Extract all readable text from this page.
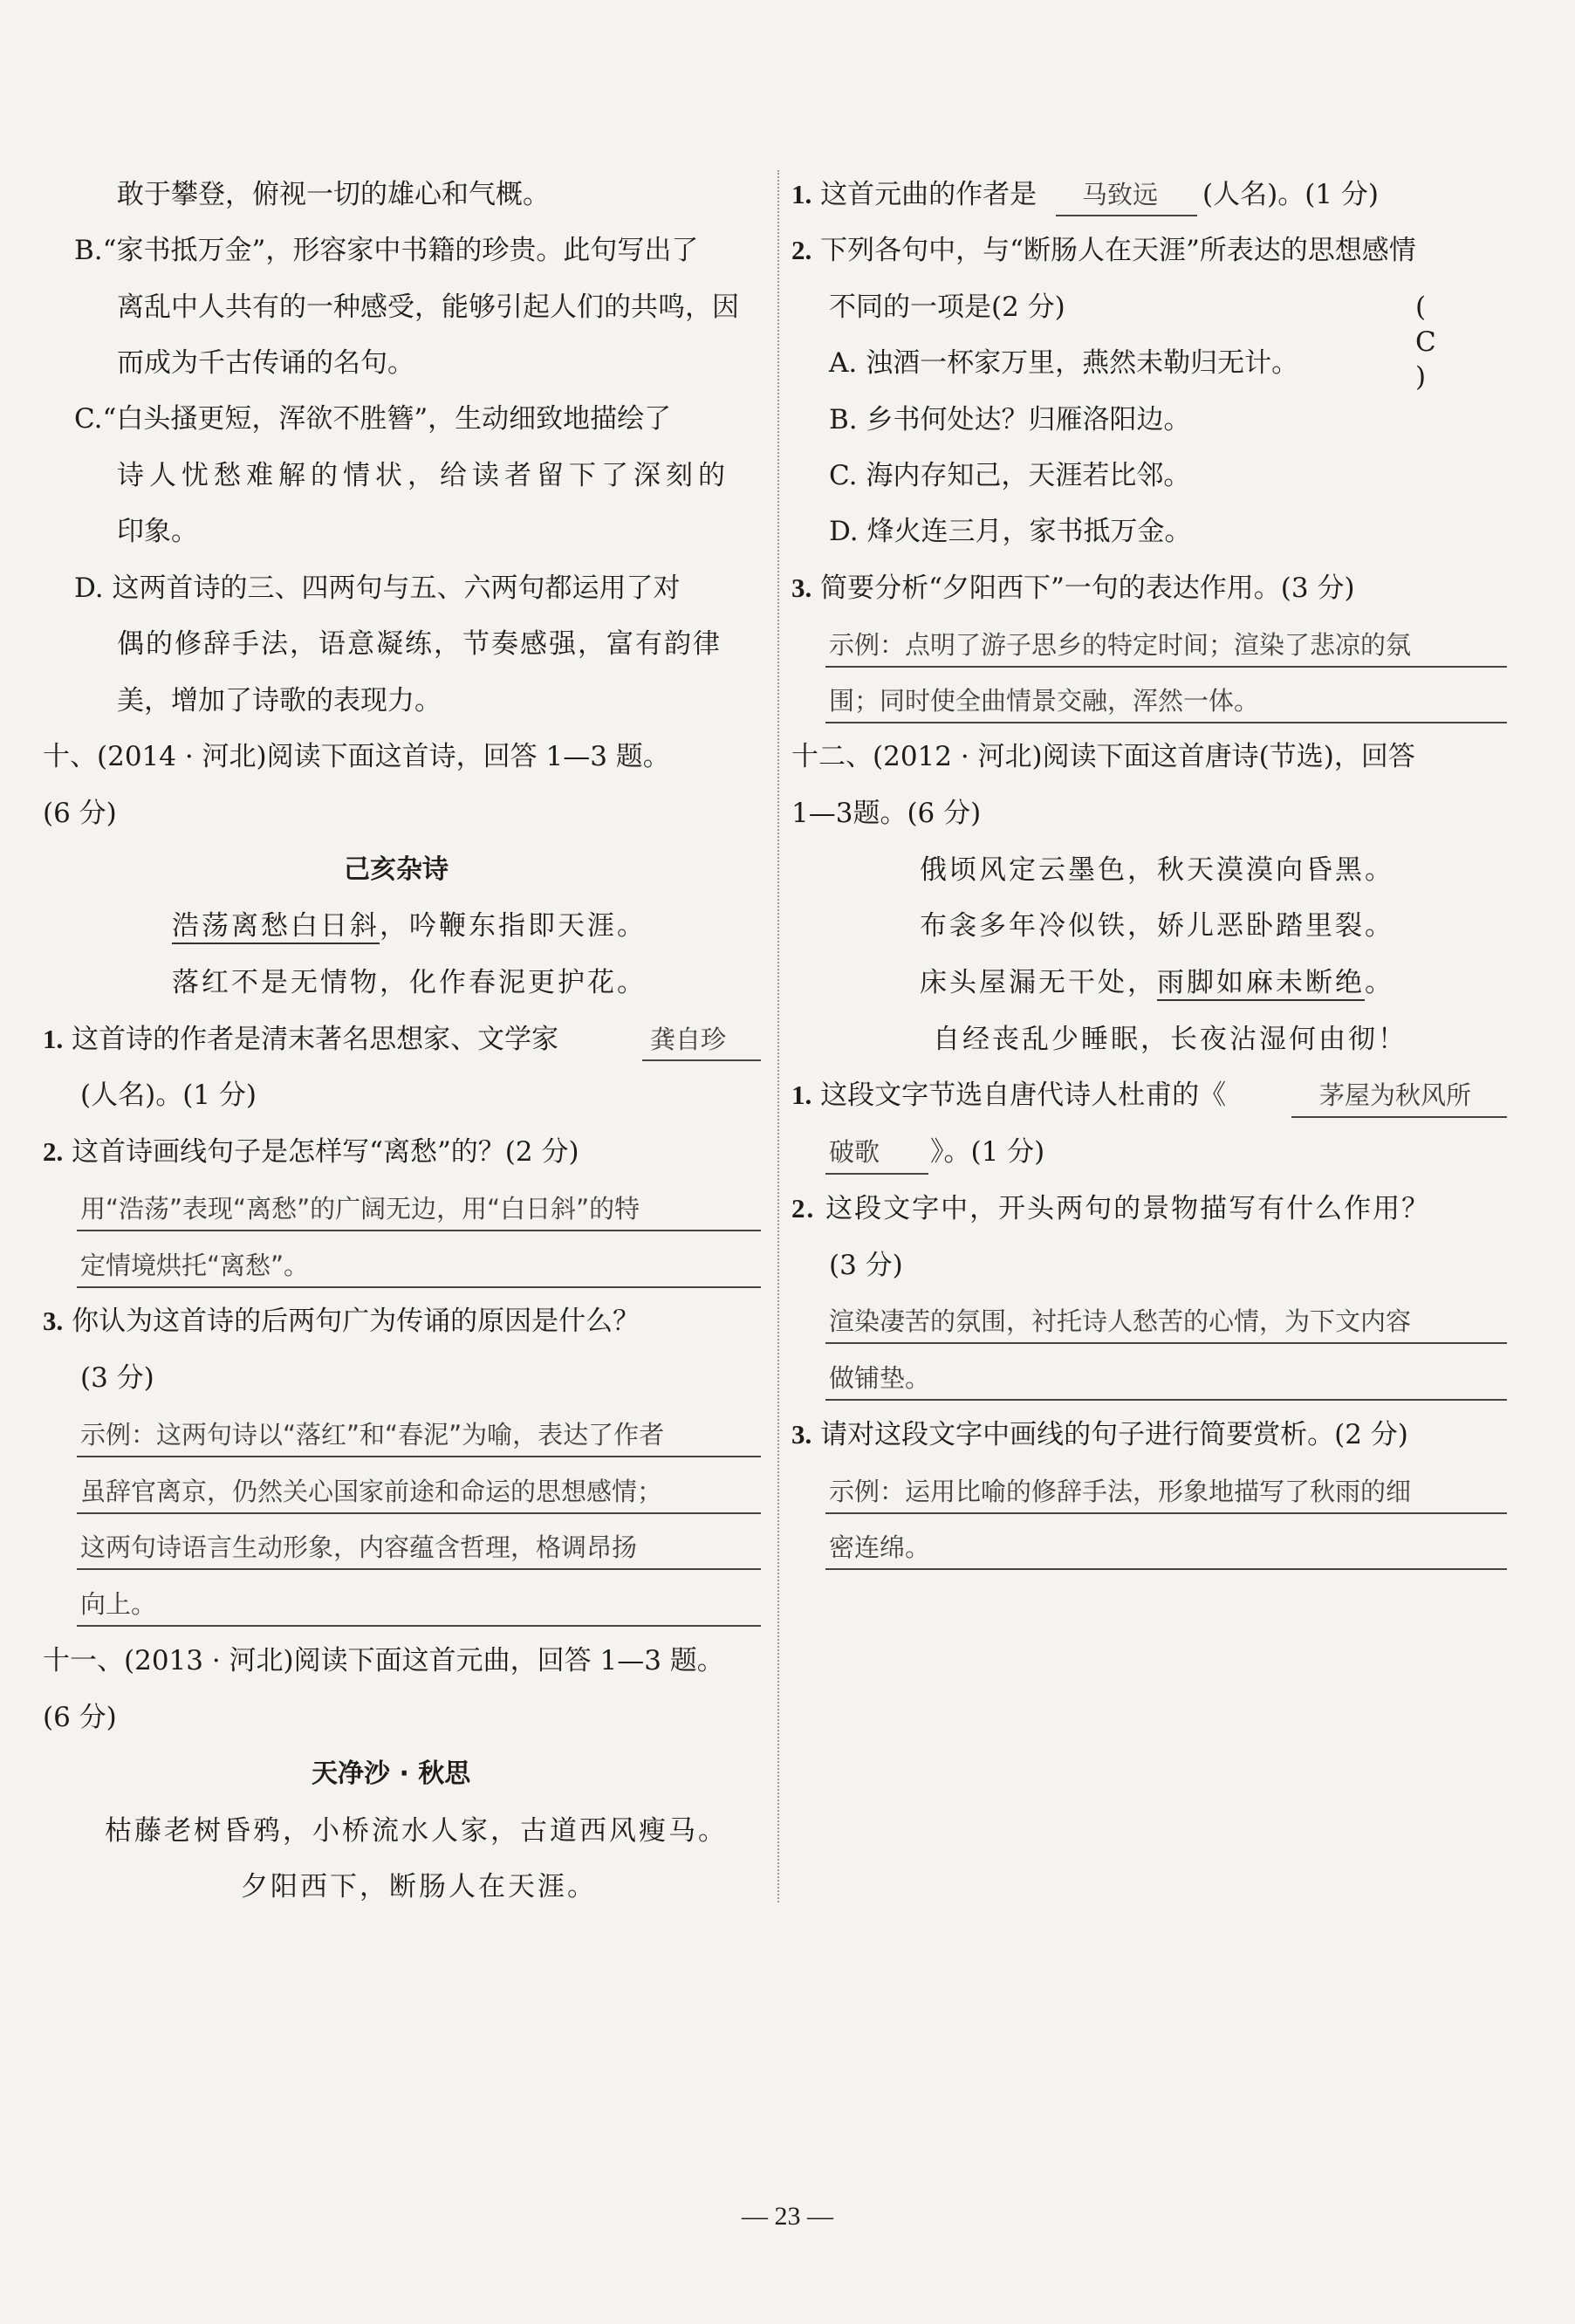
敢于攀登，俯视一切的雄心和气概。
B.“家书抵万金”，形容家中书籍的珍贵。此句写出了
离乱中人共有的一种感受，能够引起人们的共鸣，因
而成为千古传诵的名句。
C.“白头搔更短，浑欲不胜簪”，生动细致地描绘了
诗人忧愁难解的情状，给读者留下了深刻的
印象。
D. 这两首诗的三、四两句与五、六两句都运用了对
偶的修辞手法，语意凝练，节奏感强，富有韵律
美，增加了诗歌的表现力。
十、(2014 · 河北)阅读下面这首诗，回答 1—3 题。
(6 分)
己亥杂诗
浩荡离愁白日斜，吟鞭东指即天涯。
落红不是无情物，化作春泥更护花。
1. 这首诗的作者是清末著名思想家、文学家	龚自珍
(人名)。(1 分)
2. 这首诗画线句子是怎样写“离愁”的？(2 分)
用“浩荡”表现“离愁”的广阔无边，用“白日斜”的特
定情境烘托“离愁”。
3. 你认为这首诗的后两句广为传诵的原因是什么？
(3 分)
示例：这两句诗以“落红”和“春泥”为喻，表达了作者
虽辞官离京，仍然关心国家前途和命运的思想感情；
这两句诗语言生动形象，内容蕴含哲理，格调昂扬
向上。
十一、(2013 · 河北)阅读下面这首元曲，回答 1—3 题。
(6 分)
天净沙 · 秋思
枯藤老树昏鸦，小桥流水人家，古道西风瘦马。
夕阳西下，断肠人在天涯。
1. 这首元曲的作者是 马致远 (人名)。(1 分)
2. 下列各句中，与“断肠人在天涯”所表达的思想感情
不同的一项是(2 分)	( C )
A. 浊酒一杯家万里，燕然未勒归无计。
B. 乡书何处达？归雁洛阳边。
C. 海内存知己，天涯若比邻。
D. 烽火连三月，家书抵万金。
3. 简要分析“夕阳西下”一句的表达作用。(3 分)
示例：点明了游子思乡的特定时间；渲染了悲凉的氛
围；同时使全曲情景交融，浑然一体。
十二、(2012 · 河北)阅读下面这首唐诗(节选)，回答
1—3题。(6 分)
俄顷风定云墨色，秋天漠漠向昏黑。
布衾多年冷似铁，娇儿恶卧踏里裂。
床头屋漏无干处，雨脚如麻未断绝。
自经丧乱少睡眠，长夜沾湿何由彻！
1. 这段文字节选自唐代诗人杜甫的《	茅屋为秋风所
破歌 》。(1 分)
2. 这段文字中，开头两句的景物描写有什么作用？
(3 分)
渲染凄苦的氛围，衬托诗人愁苦的心情，为下文内容
做铺垫。
3. 请对这段文字中画线的句子进行简要赏析。(2 分)
示例：运用比喻的修辞手法，形象地描写了秋雨的细
密连绵。
— 23 —
